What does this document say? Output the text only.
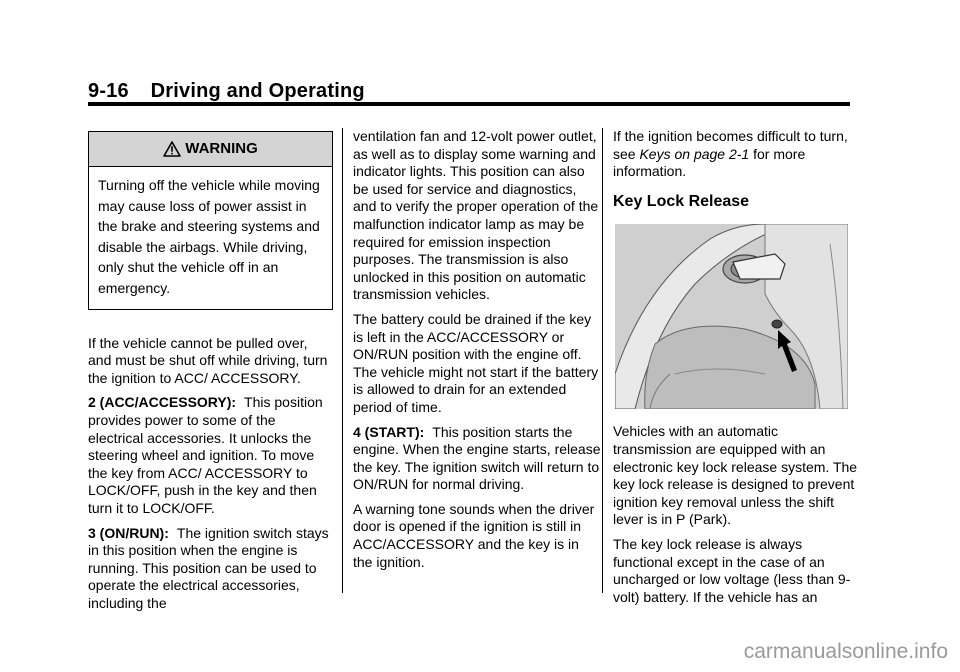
9-16 Driving and Operating
WARNING
Turning off the vehicle while moving may cause loss of power assist in the brake and steering systems and disable the airbags. While driving, only shut the vehicle off in an emergency.

If the vehicle cannot be pulled over, and must be shut off while driving, turn the ignition to ACC/ ACCESSORY.

2 (ACC/ACCESSORY): This position provides power to some of the electrical accessories. It unlocks the steering wheel and ignition. To move the key from ACC/ ACCESSORY to LOCK/OFF, push in the key and then turn it to LOCK/OFF.

3 (ON/RUN): The ignition switch stays in this position when the engine is running. This position can be used to operate the electrical accessories, including the

ventilation fan and 12-volt power outlet, as well as to display some warning and indicator lights. This position can also be used for service and diagnostics, and to verify the proper operation of the malfunction indicator lamp as may be required for emission inspection purposes. The transmission is also unlocked in this position on automatic transmission vehicles.

The battery could be drained if the key is left in the ACC/ACCESSORY or ON/RUN position with the engine off. The vehicle might not start if the battery is allowed to drain for an extended period of time.

4 (START): This position starts the engine. When the engine starts, release the key. The ignition switch will return to ON/RUN for normal driving.

A warning tone sounds when the driver door is opened if the ignition is still in ACC/ACCESSORY and the key is in the ignition.

If the ignition becomes difficult to turn, see Keys on page 2-1 for more information.

Key Lock Release

Vehicles with an automatic transmission are equipped with an electronic key lock release system. The key lock release is designed to prevent ignition key removal unless the shift lever is in P (Park).

The key lock release is always functional except in the case of an uncharged or low voltage (less than 9-volt) battery. If the vehicle has an

carmanualsonline.info
